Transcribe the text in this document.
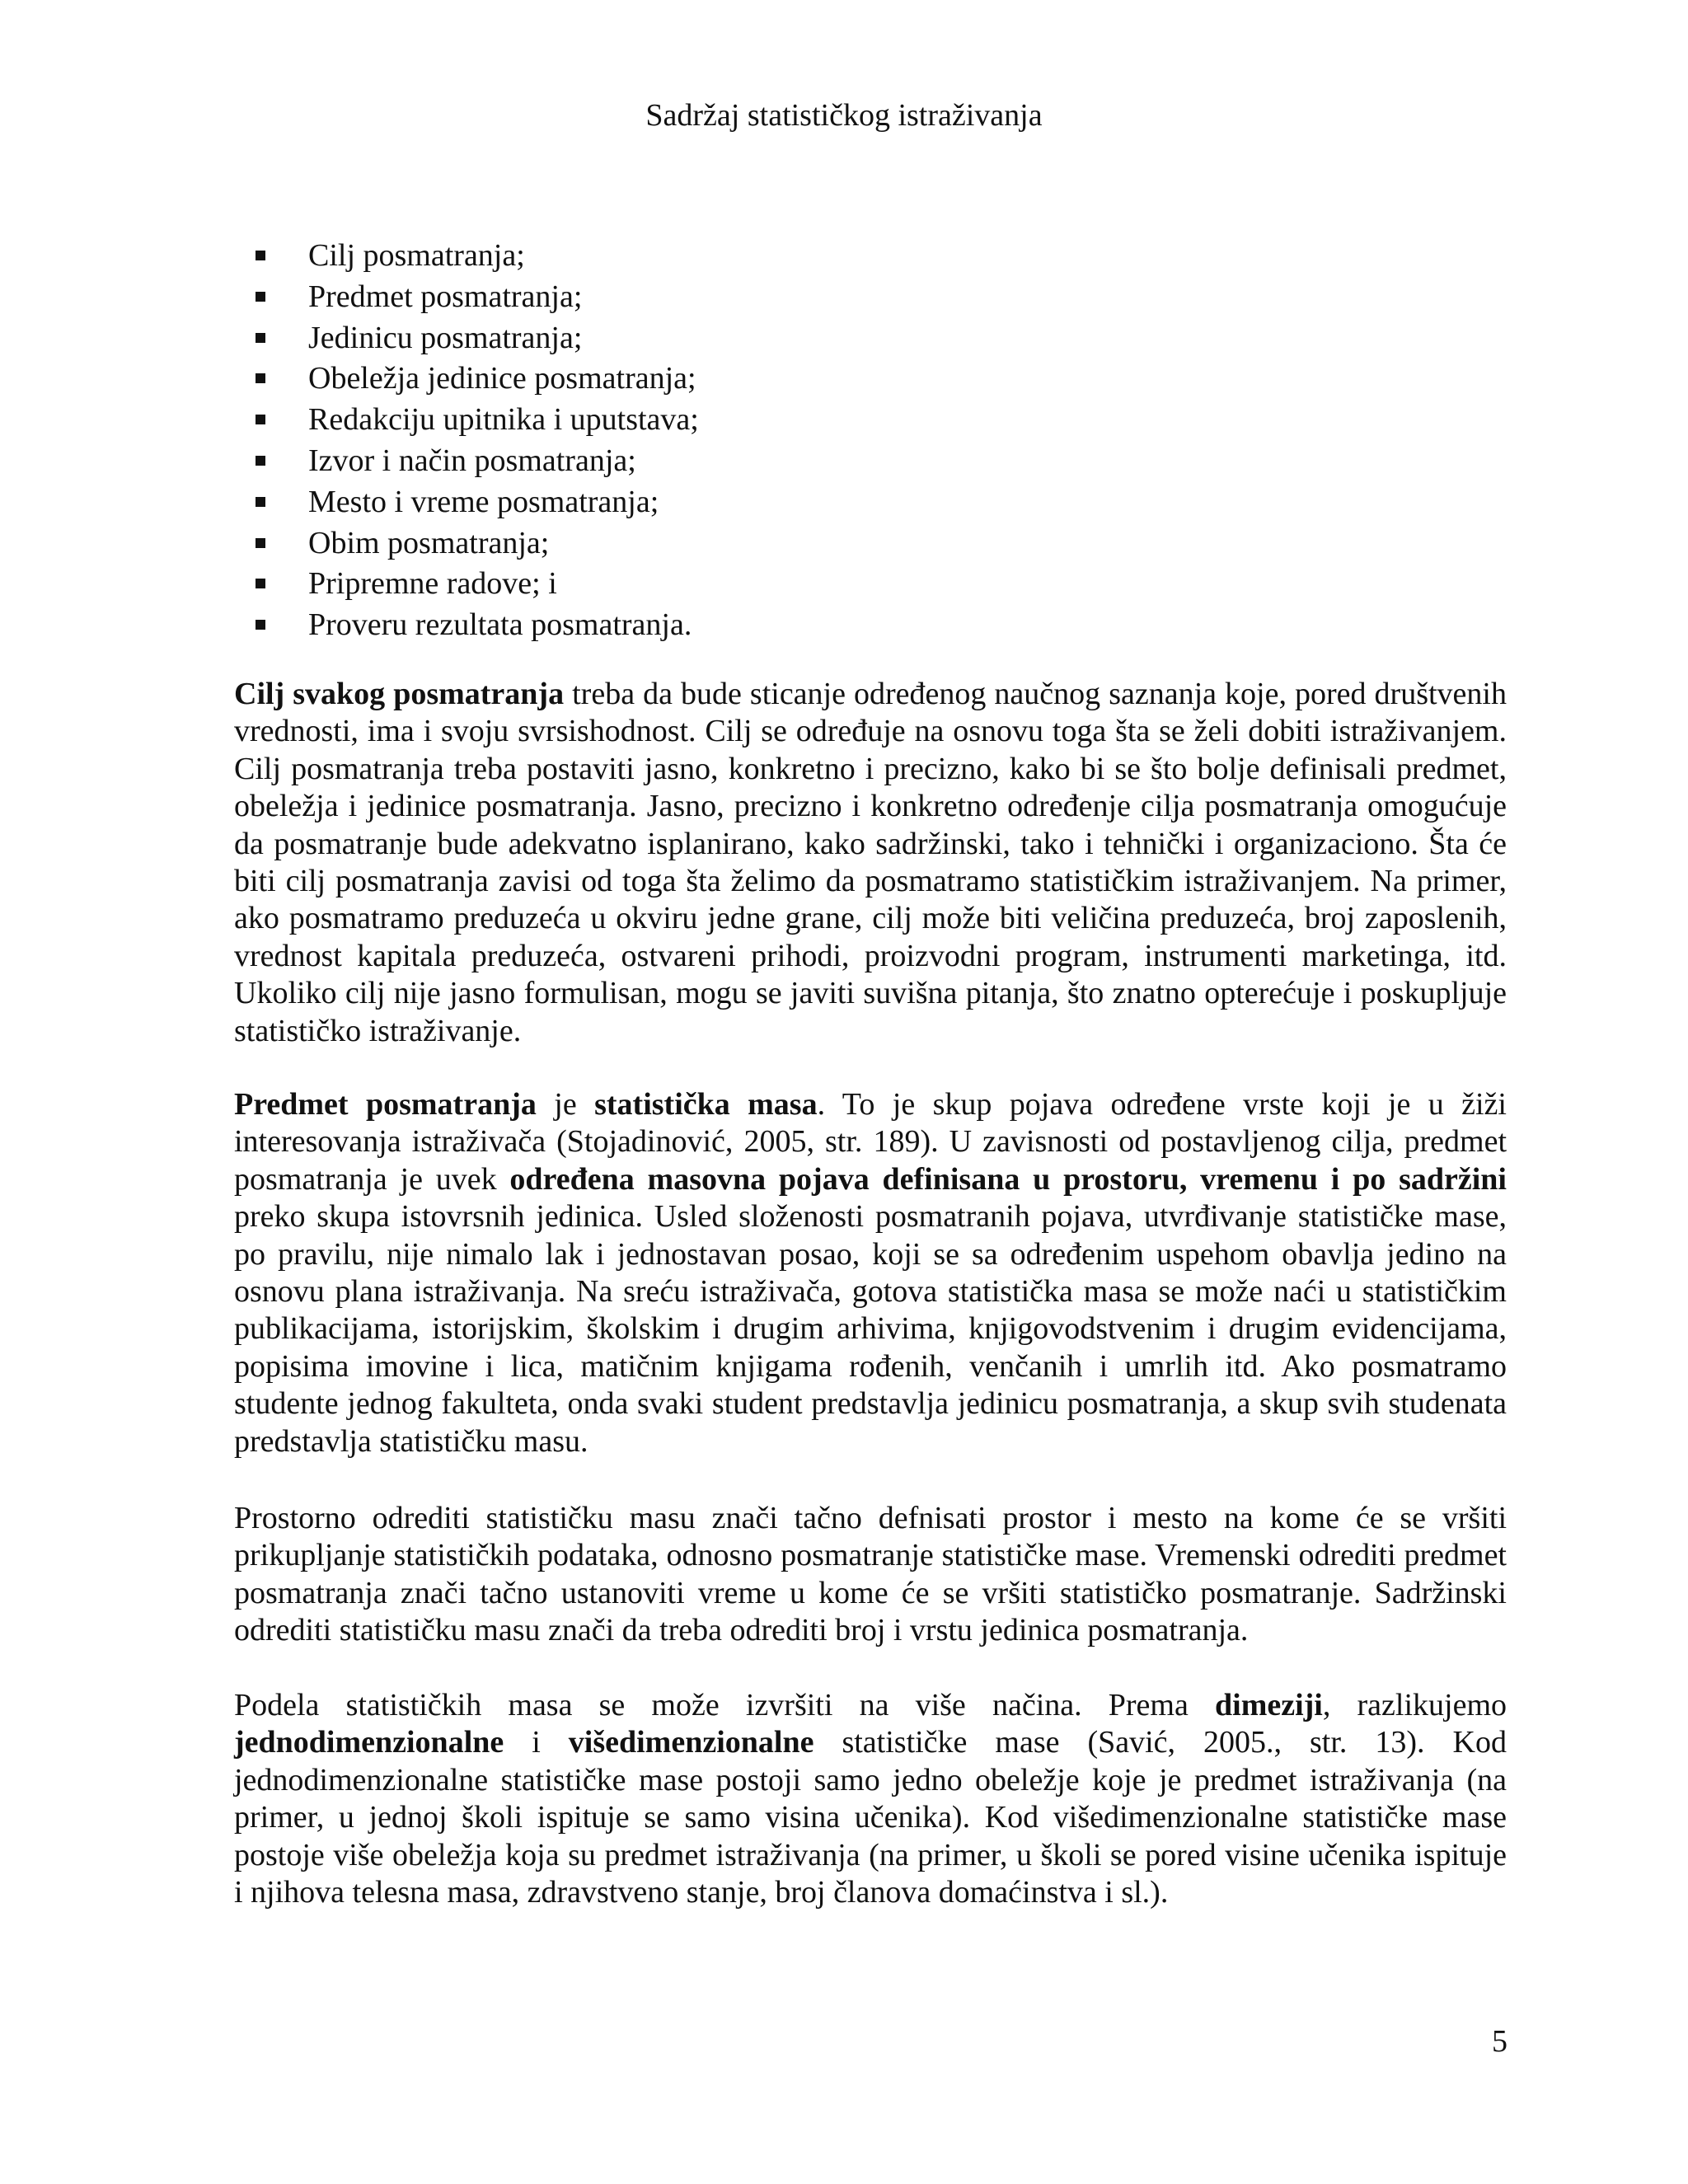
Sadržaj statističkog istraživanja
Cilj posmatranja;
Predmet posmatranja;
Jedinicu posmatranja;
Obeležja jedinice posmatranja;
Redakciju upitnika i uputstava;
Izvor i način posmatranja;
Mesto i vreme posmatranja;
Obim posmatranja;
Pripremne radove; i
Proveru rezultata posmatranja.

Cilj svakog posmatranja treba da bude sticanje određenog naučnog saznanja koje, pored društvenih vrednosti, ima i svoju svrsishodnost. Cilj se određuje na osnovu toga šta se želi dobiti istraživanjem. Cilj posmatranja treba postaviti jasno, konkretno i precizno, kako bi se što bolje definisali predmet, obeležja i jedinice posmatranja. Jasno, precizno i konkretno određenje cilja posmatranja omogućuje da posmatranje bude adekvatno isplanirano, kako sadržinski, tako i tehnički i organizaciono. Šta će biti cilj posmatranja zavisi od toga šta želimo da posmatramo statističkim istraživanjem. Na primer, ako posmatramo preduzeća u okviru jedne grane, cilj može biti veličina preduzeća, broj zaposlenih, vrednost kapitala preduzeća, ostvareni prihodi, proizvodni program, instrumenti marketinga, itd. Ukoliko cilj nije jasno formulisan, mogu se javiti suvišna pitanja, što znatno opterećuje i poskupljuje statističko istraživanje.

Predmet posmatranja je statistička masa. To je skup pojava određene vrste koji je u žiži interesovanja istraživača (Stojadinović, 2005, str. 189). U zavisnosti od postavljenog cilja, predmet posmatranja je uvek određena masovna pojava definisana u prostoru, vremenu i po sadržini preko skupa istovrsnih jedinica. Usled složenosti posmatranih pojava, utvrđivanje statističke mase, po pravilu, nije nimalo lak i jednostavan posao, koji se sa određenim uspehom obavlja jedino na osnovu plana istraživanja. Na sreću istraživača, gotova statistička masa se može naći u statističkim publikacijama, istorijskim, školskim i drugim arhivima, knjigovodstvenim i drugim evidencijama, popisima imovine i lica, matičnim knjigama rođenih, venčanih i umrlih itd. Ako posmatramo studente jednog fakulteta, onda svaki student predstavlja jedinicu posmatranja, a skup svih studenata predstavlja statističku masu.

Prostorno odrediti statističku masu znači tačno defnisati prostor i mesto na kome će se vršiti prikupljanje statističkih podataka, odnosno posmatranje statističke mase. Vremenski odrediti predmet posmatranja znači tačno ustanoviti vreme u kome će se vršiti statističko posmatranje. Sadržinski odrediti statističku masu znači da treba odrediti broj i vrstu jedinica posmatranja.

Podela statističkih masa se može izvršiti na više načina. Prema dimeziji, razlikujemo jednodimenzionalne i višedimenzionalne statističke mase (Savić, 2005., str. 13). Kod jednodimenzionalne statističke mase postoji samo jedno obeležje koje je predmet istraživanja (na primer, u jednoj školi ispituje se samo visina učenika). Kod višedimenzionalne statističke mase postoje više obeležja koja su predmet istraživanja (na primer, u školi se pored visine učenika ispituje i njihova telesna masa, zdravstveno stanje, broj članova domaćinstva i sl.).

5
